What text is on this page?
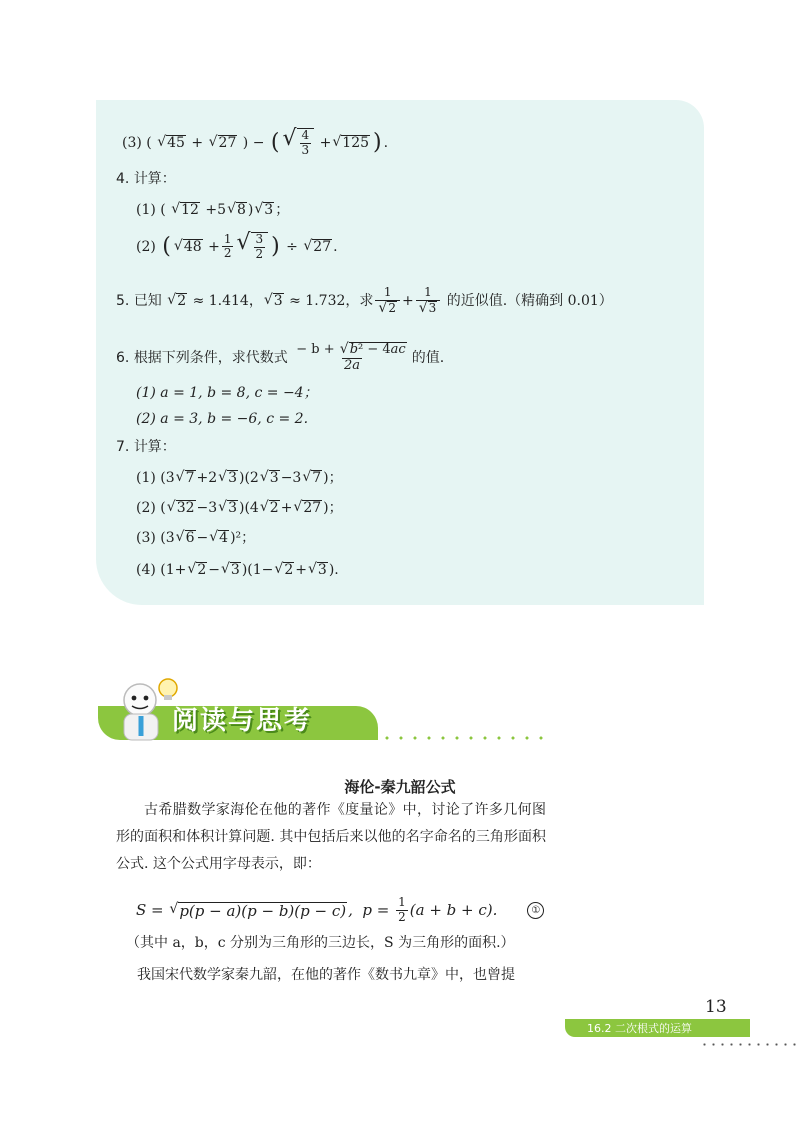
(3) ( √ 45 + √ 27 ) − ( √ $\frac{4}{3}$ + √ 125 ) .
4.
计算：
(1) ( √ 12 +5 √ 8 ) √ 3 ；
(2)
( √ $48 + \frac{1}{2}$ √ $\frac{3}{2}$ ) ÷ √ 27 .
5.
已知
√ 2
≈ 1.414， √ 3
≈ 1.732，求 $\frac{1}{√ 2} + \frac{1}{√ 3}$
的近似值.（精确到 0.01）
6.
根据下列条件，求代数式
$\frac{\text{− b + √ b² − 4ac}}{2a}$ 的值.
(1) a = 1, b = 8, c = −4；
(2) a = 3, b = −6, c = 2.
7.
计算：
(1) (3 √ 7 +2 √ 3 )(2 √ 3 −3 √ 7 )；
(2) ( √ 32 −3 √ 3 )(4 √ 2 + √ 27 )；
(3) (3 √ 6 − √ 4 )²；
(4) (1+ √ 2 − √ 3 )(1− √ 2 + √ 3 ).
阅读与思考
海伦-秦九韶公式
古希腊数学家海伦在他的著作《度量论》中，讨论了许多几何图形的面积和体积计算问题. 其中包括后来以他的名字命名的三角形面积公式. 这个公式用字母表示，即：
S = √ p(p − a)(p − b)(p − c) ,  $p = \frac{1}{2} (a + b + c)$.	①
（其中 a，b，c 分别为三角形的三边长，S 为三角形的面积.）
我国宋代数学家秦九韶，在他的著作《数书九章》中，也曾提
13
16.2 二次根式的运算
